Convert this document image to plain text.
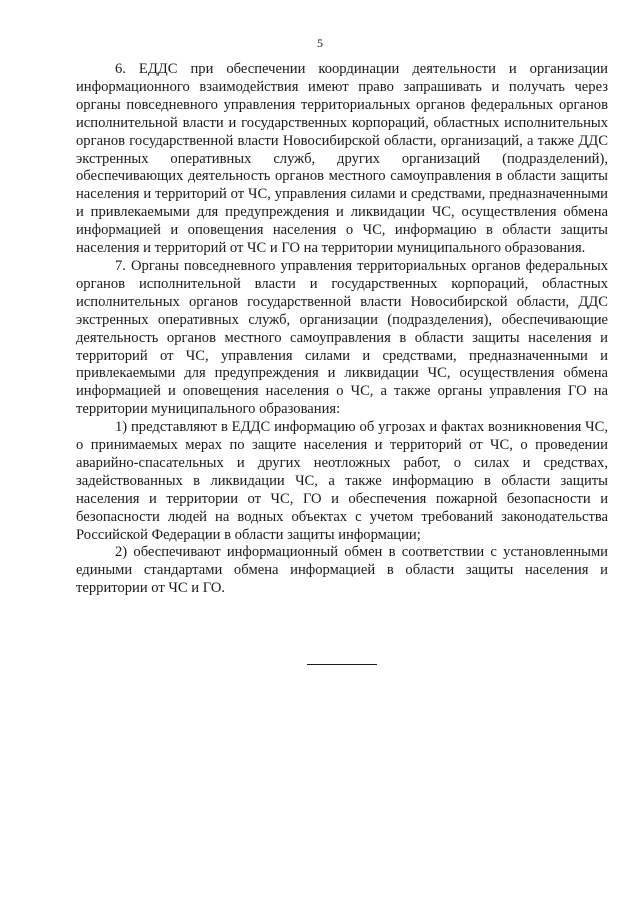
5

6. ЕДДС при обеспечении координации деятельности и организации информационного взаимодействия имеют право запрашивать и получать через органы повседневного управления территориальных органов федеральных органов исполнительной власти и государственных корпораций, областных исполнительных органов государственной власти Новосибирской области, организаций, а также ДДС экстренных оперативных служб, других организаций (подразделений), обеспечивающих деятельность органов местного самоуправления в области защиты населения и территорий от ЧС, управления силами и средствами, предназначенными и привлекаемыми для предупреждения и ликвидации ЧС, осуществления обмена информацией и оповещения населения о ЧС, информацию в области защиты населения и территорий от ЧС и ГО на территории муниципального образования.

7. Органы повседневного управления территориальных органов федеральных органов исполнительной власти и государственных корпораций, областных исполнительных органов государственной власти Новосибирской области, ДДС экстренных оперативных служб, организации (подразделения), обеспечивающие деятельность органов местного самоуправления в области защиты населения и территорий от ЧС, управления силами и средствами, предназначенными и привлекаемыми для предупреждения и ликвидации ЧС, осуществления обмена информацией и оповещения населения о ЧС, а также органы управления ГО на территории муниципального образования:

1) представляют в ЕДДС информацию об угрозах и фактах возникновения ЧС, о принимаемых мерах по защите населения и территорий от ЧС, о проведении аварийно-спасательных и других неотложных работ, о силах и средствах, задействованных в ликвидации ЧС, а также информацию в области защиты населения и территории от ЧС, ГО и обеспечения пожарной безопасности и безопасности людей на водных объектах с учетом требований законодательства Российской Федерации в области защиты информации;

2) обеспечивают информационный обмен в соответствии с установленными едиными стандартами обмена информацией в области защиты населения и территории от ЧС и ГО.
